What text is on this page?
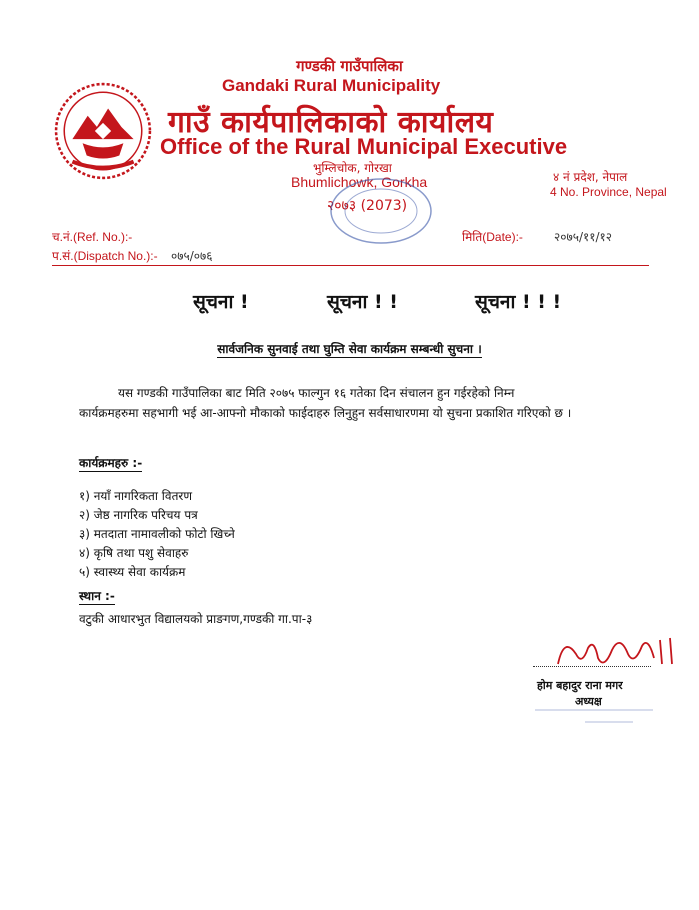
गण्डकी गाउँपालिका
Gandaki Rural Municipality
गाउँ कार्यपालिकाको कार्यालय
Office of the Rural Municipal Executive
भुम्लिचोक, गोरखा
Bhumlichowk, Gorkha
२०७३ (2073)
४ नं प्रदेश, नेपाल
4 No. Province, Nepal
च.नं.(Ref. No.):-
प.सं.(Dispatch No.):- ०७५/०७६
मिति(Date):-	२०७५/११/१२
सूचना !	सूचना ! !	सूचना ! ! !
सार्वजनिक सुनवाई तथा घुम्ति सेवा कार्यक्रम सम्बन्धी सुचना ।
यस गण्डकी गाउँपालिका बाट मिति २०७५ फाल्गुन १६ गतेका दिन संचालन हुन गईरहेको निम्न
कार्यक्रमहरुमा सहभागी भई आ-आफ्नो मौकाको फाईदाहरु लिनुहुन सर्वसाधारणमा यो सुचना प्रकाशित गरिएको छ ।
कार्यक्रमहरु :-
१) नयाँ नागरिकता वितरण
२) जेष्ठ नागरिक परिचय पत्र
३) मतदाता नामावलीको फोटो खिच्ने
४) कृषि तथा पशु सेवाहरु
५) स्वास्थ्य सेवा कार्यक्रम
स्थान :-
वटुकी आधारभुत विद्यालयको प्राङगण,गण्डकी गा.पा-३
होम बहादुर राना मगर
अध्यक्ष
